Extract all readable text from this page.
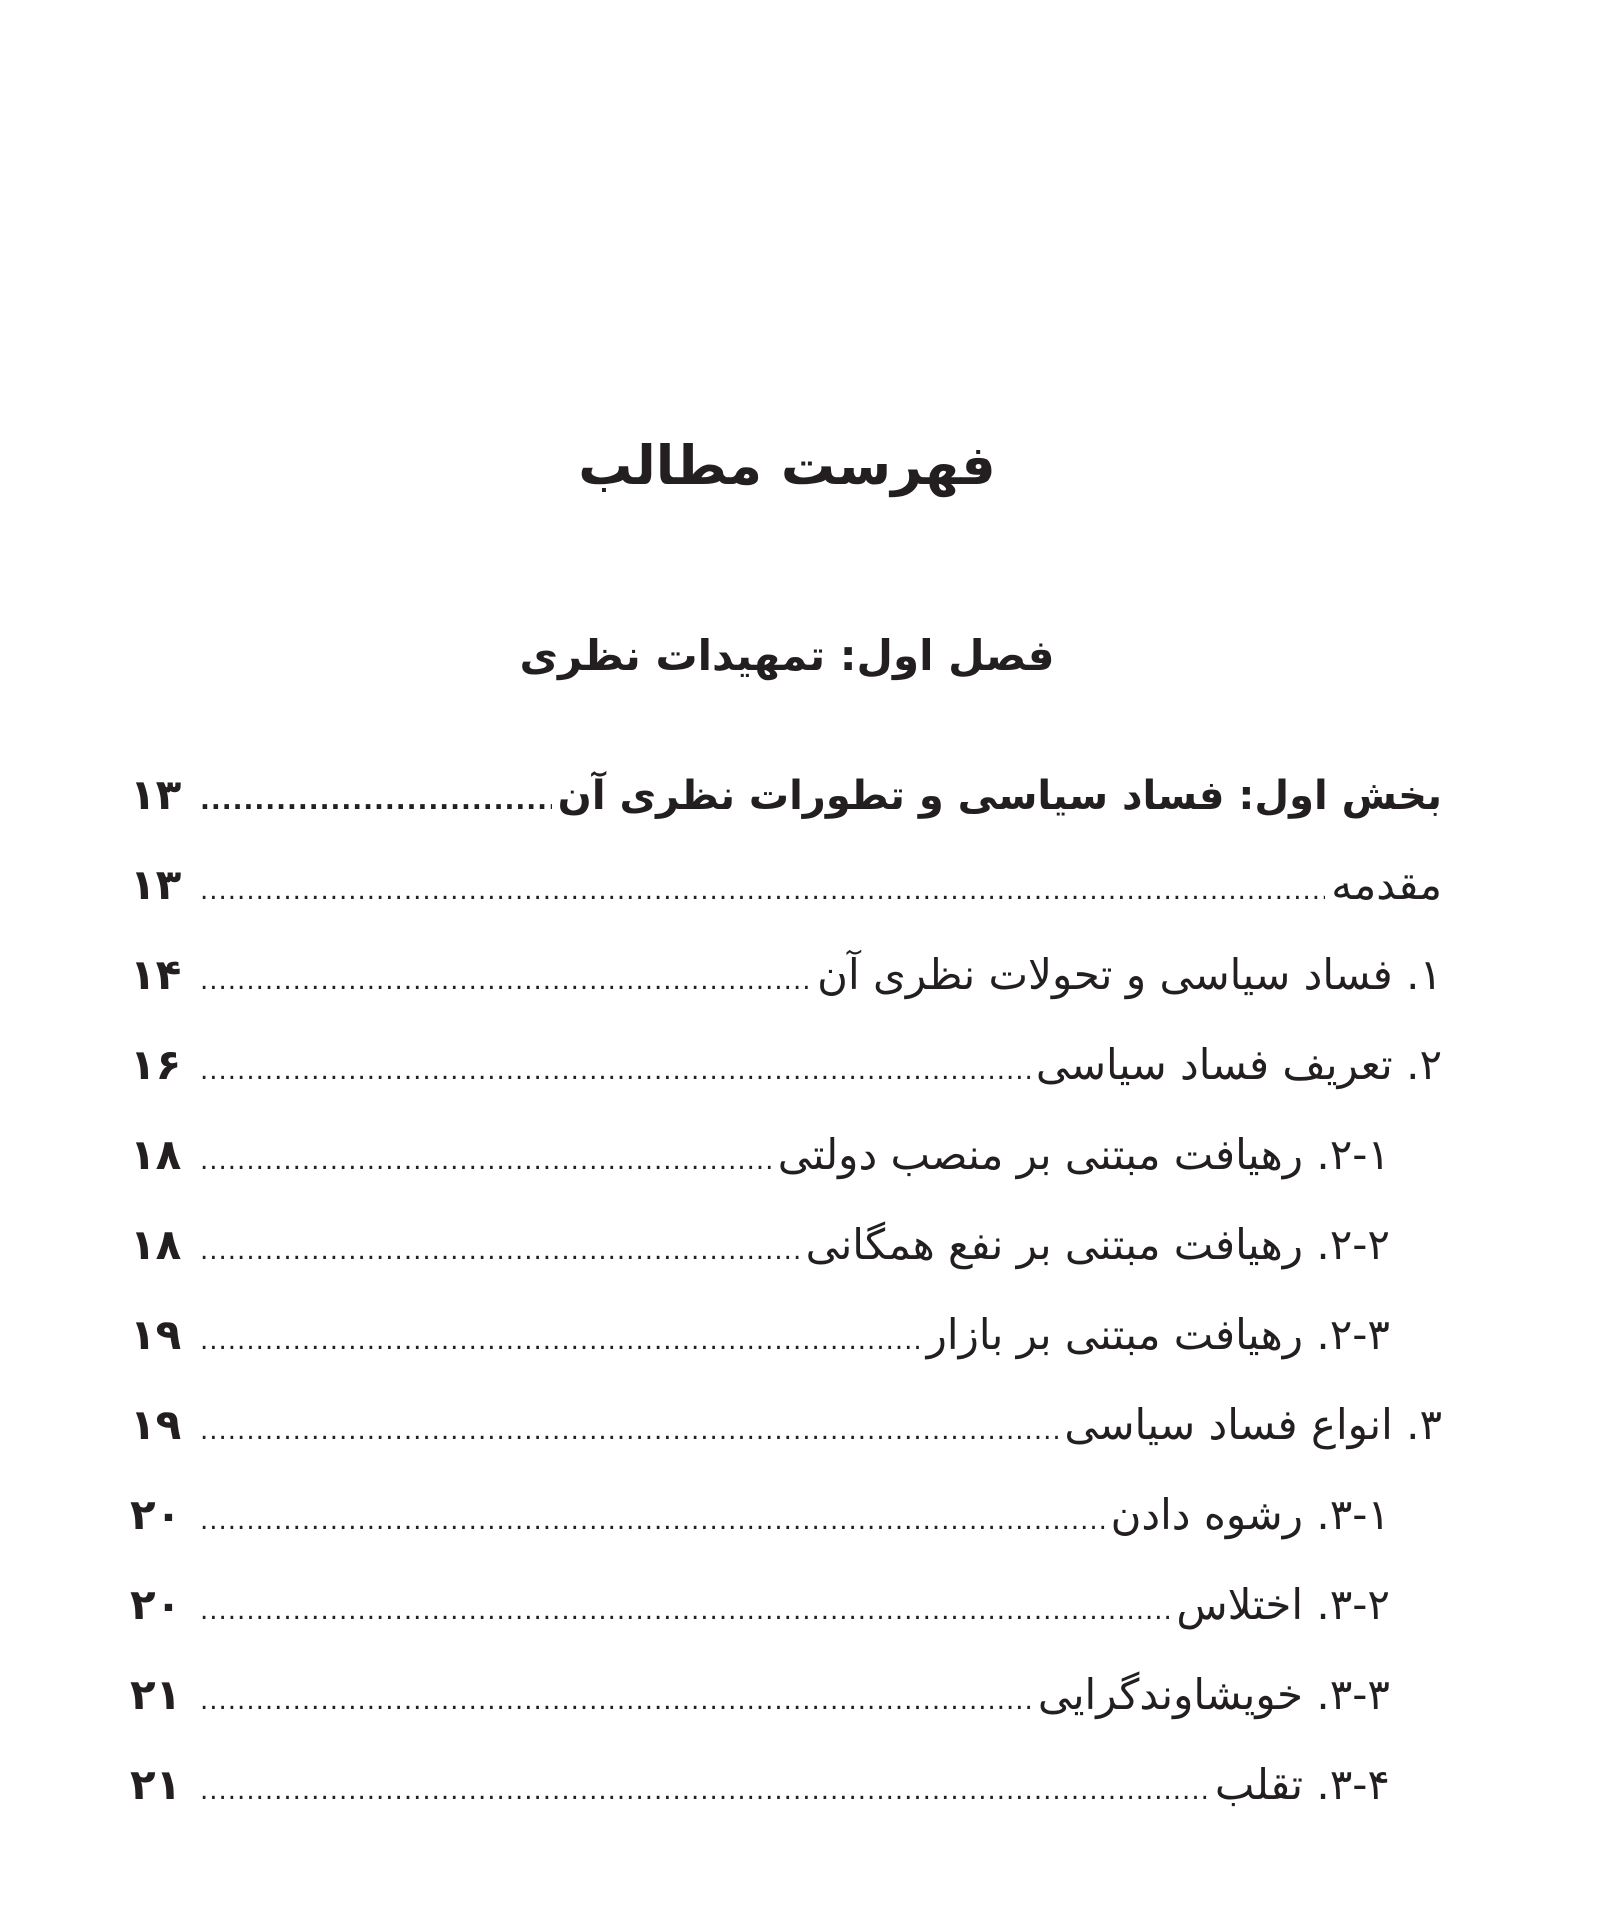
فهرست مطالب
فصل اول: تمهیدات نظری
بخش اول: فساد سیاسی و تطورات نظری آن
.....
۱۳
مقدمه
.....
۱۳
۱. فساد سیاسی و تحولات نظری آن
.....
۱۴
۲. تعریف فساد سیاسی
.....
۱۶
۲-۱. رهیافت مبتنی بر منصب دولتی
.....
۱۸
۲-۲. رهیافت مبتنی بر نفع همگانی
.....
۱۸
۲-۳. رهیافت مبتنی بر بازار
.....
۱۹
۳. انواع فساد سیاسی
.....
۱۹
۳-۱. رشوه دادن
.....
۲۰
۳-۲. اختلاس
.....
۲۰
۳-۳. خویشاوندگرایی
.....
۲۱
۳-۴. تقلب
.....
۲۱
